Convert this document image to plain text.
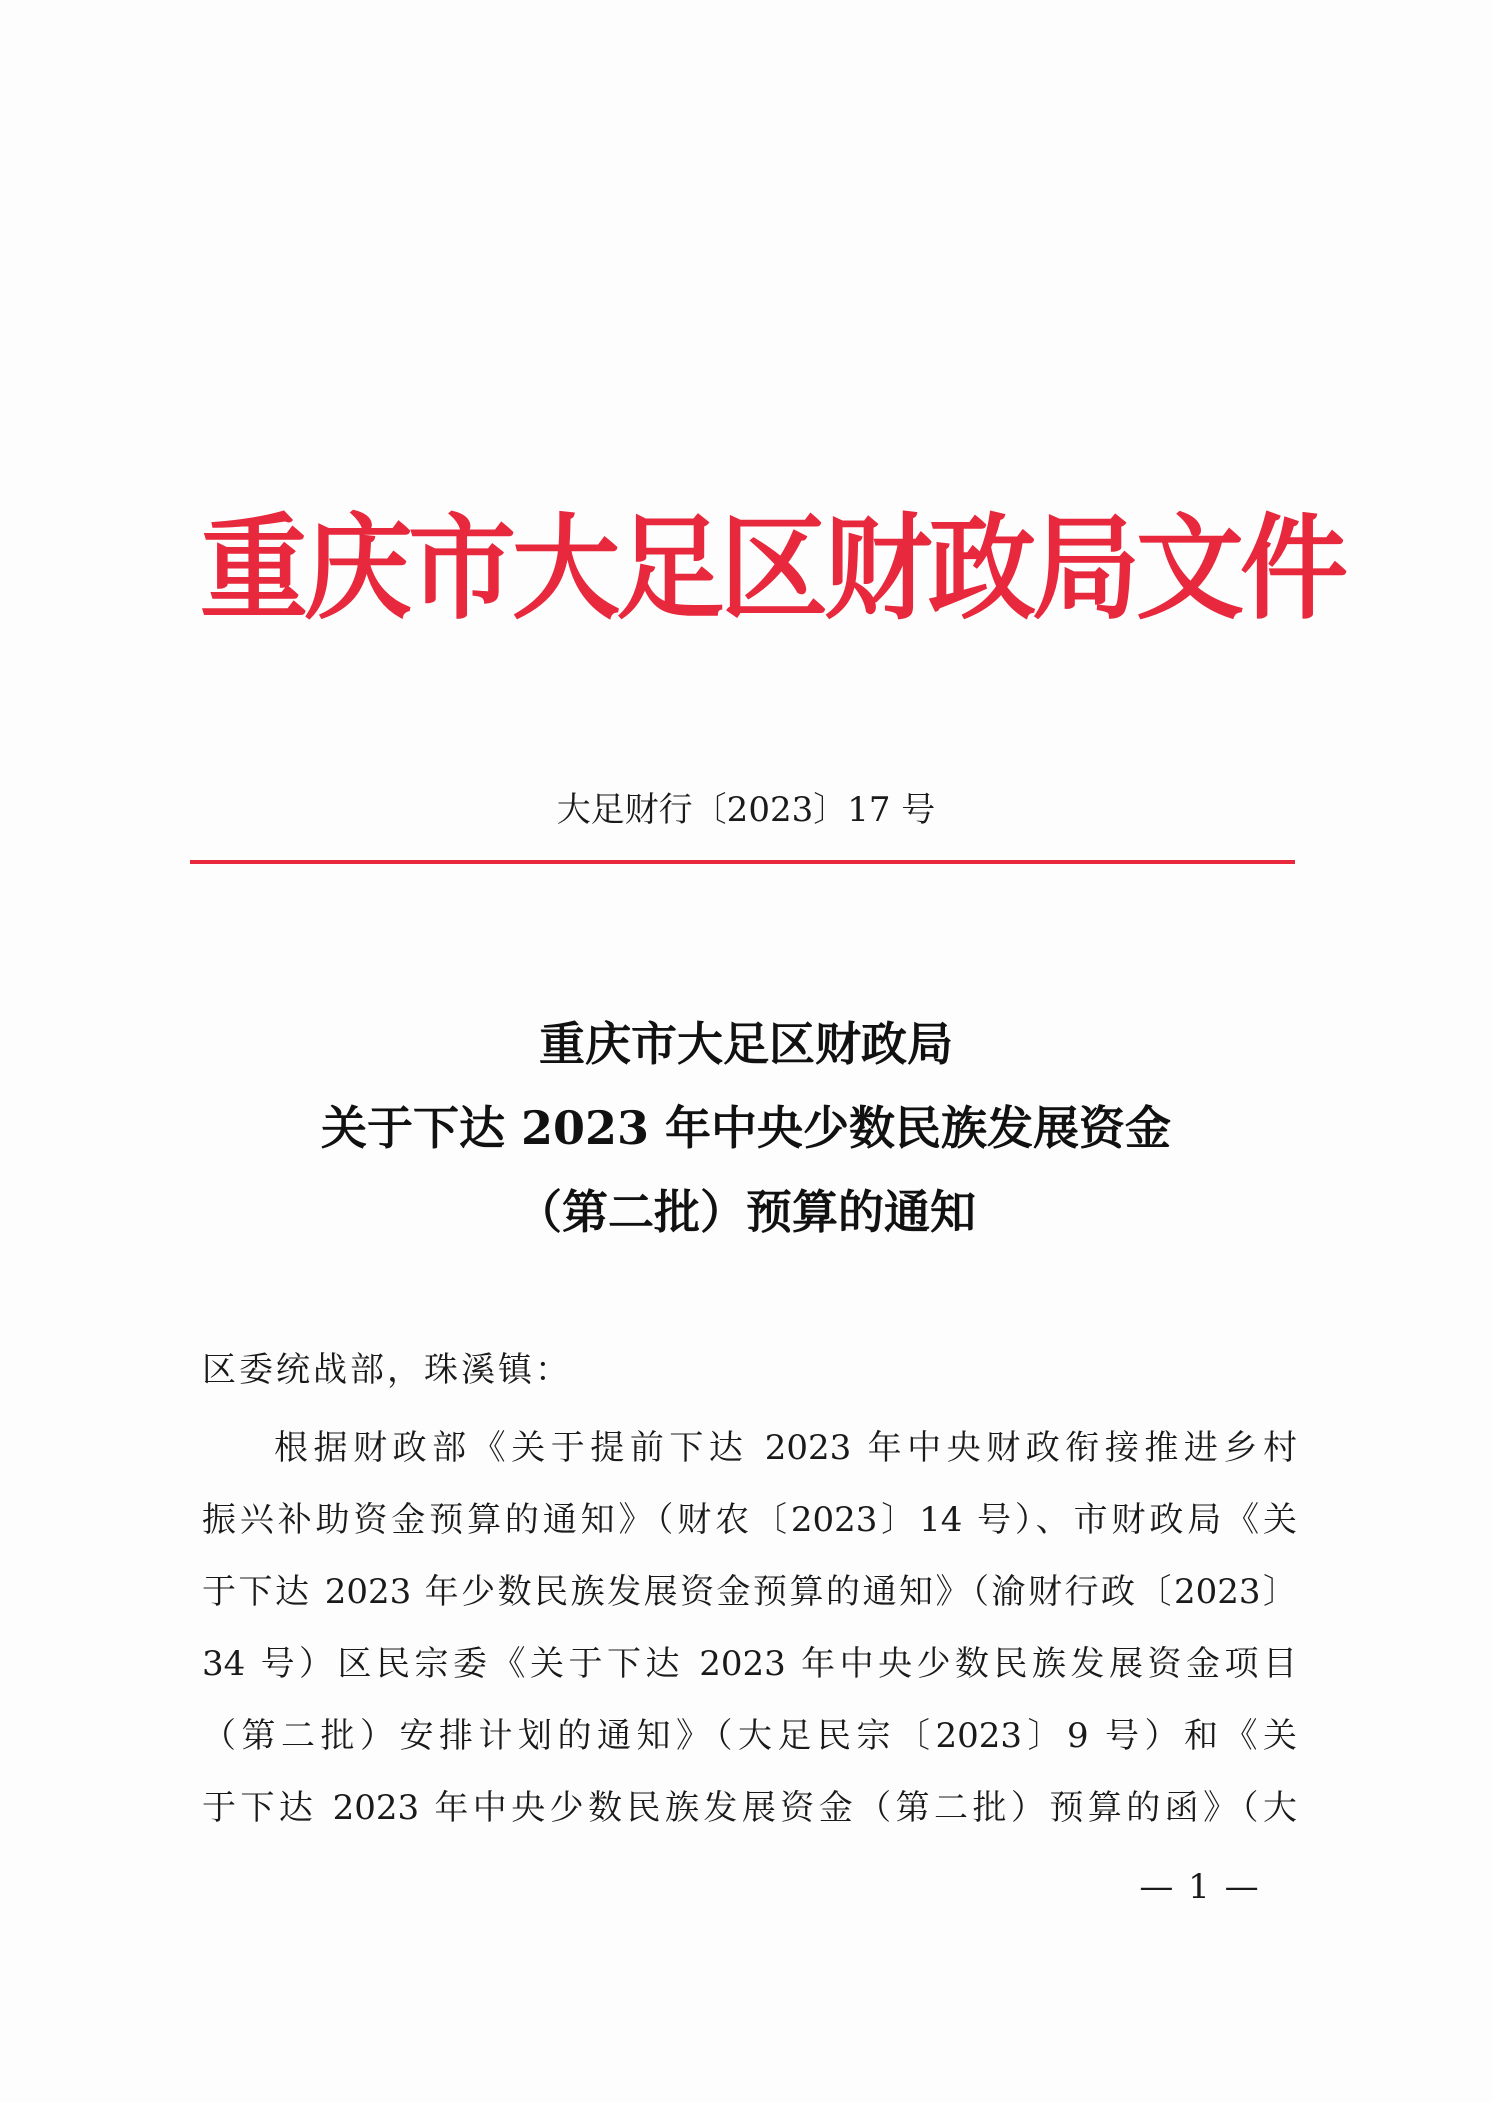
重庆市大足区财政局文件
大足财行〔2023〕17 号
重庆市大足区财政局
关于下达 2023 年中央少数民族发展资金
（第二批）预算的通知
区委统战部，珠溪镇：
根据财政部《关于提前下达 2023 年中央财政衔接推进乡村
振兴补助资金预算的通知》（财农〔2023〕14 号）、市财政局《关
于下达 2023 年少数民族发展资金预算的通知》（渝财行政〔2023〕
34 号）区民宗委《关于下达 2023 年中央少数民族发展资金项目
（第二批）安排计划的通知》（大足民宗〔2023〕9 号）和《关
于下达 2023 年中央少数民族发展资金（第二批）预算的函》（大
— 1 —
